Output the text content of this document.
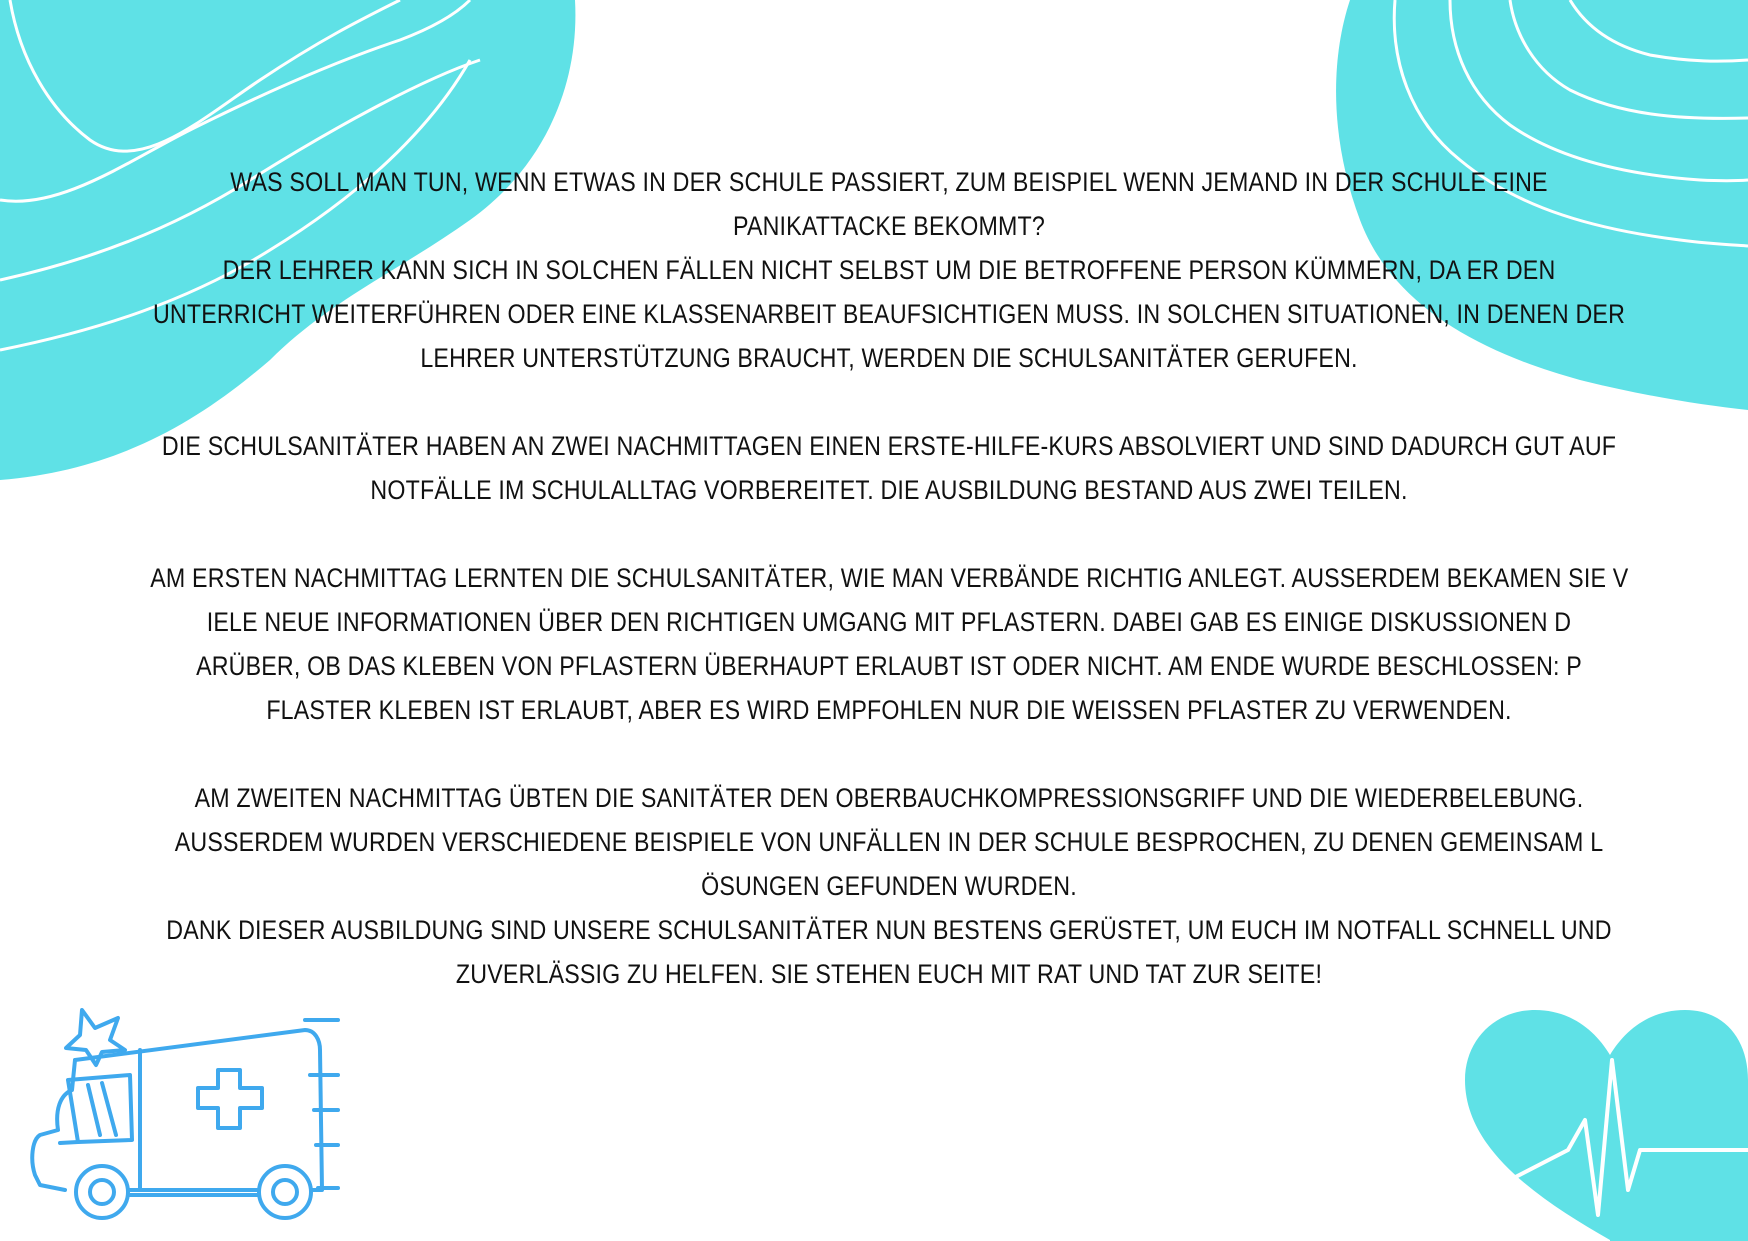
WAS SOLL MAN TUN, WENN ETWAS IN DER SCHULE PASSIERT, ZUM BEISPIEL WENN JEMAND IN DER SCHULE EINE
PANIKATTACKE BEKOMMT?
DER LEHRER KANN SICH IN SOLCHEN FÄLLEN NICHT SELBST UM DIE BETROFFENE PERSON KÜMMERN, DA ER DEN
UNTERRICHT WEITERFÜHREN ODER EINE KLASSENARBEIT BEAUFSICHTIGEN MUSS. IN SOLCHEN SITUATIONEN, IN DENEN DER
LEHRER UNTERSTÜTZUNG BRAUCHT, WERDEN DIE SCHULSANITÄTER GERUFEN.
DIE SCHULSANITÄTER HABEN AN ZWEI NACHMITTAGEN EINEN ERSTE-HILFE-KURS ABSOLVIERT UND SIND DADURCH GUT AUF
NOTFÄLLE IM SCHULALLTAG VORBEREITET. DIE AUSBILDUNG BESTAND AUS ZWEI TEILEN.
AM ERSTEN NACHMITTAG LERNTEN DIE SCHULSANITÄTER, WIE MAN VERBÄNDE RICHTIG ANLEGT. AUSSERDEM BEKAMEN SIE V
IELE NEUE INFORMATIONEN ÜBER DEN RICHTIGEN UMGANG MIT PFLASTERN. DABEI GAB ES EINIGE DISKUSSIONEN D
ARÜBER, OB DAS KLEBEN VON PFLASTERN ÜBERHAUPT ERLAUBT IST ODER NICHT. AM ENDE WURDE BESCHLOSSEN: P
FLASTER KLEBEN IST ERLAUBT, ABER ES WIRD EMPFOHLEN NUR DIE WEISSEN PFLASTER ZU VERWENDEN.
AM ZWEITEN NACHMITTAG ÜBTEN DIE SANITÄTER DEN OBERBAUCHKOMPRESSIONSGRIFF UND DIE WIEDERBELEBUNG.
AUSSERDEM WURDEN VERSCHIEDENE BEISPIELE VON UNFÄLLEN IN DER SCHULE BESPROCHEN, ZU DENEN GEMEINSAM L
ÖSUNGEN GEFUNDEN WURDEN.
DANK DIESER AUSBILDUNG SIND UNSERE SCHULSANITÄTER NUN BESTENS GERÜSTET, UM EUCH IM NOTFALL SCHNELL UND
ZUVERLÄSSIG ZU HELFEN. SIE STEHEN EUCH MIT RAT UND TAT ZUR SEITE!
